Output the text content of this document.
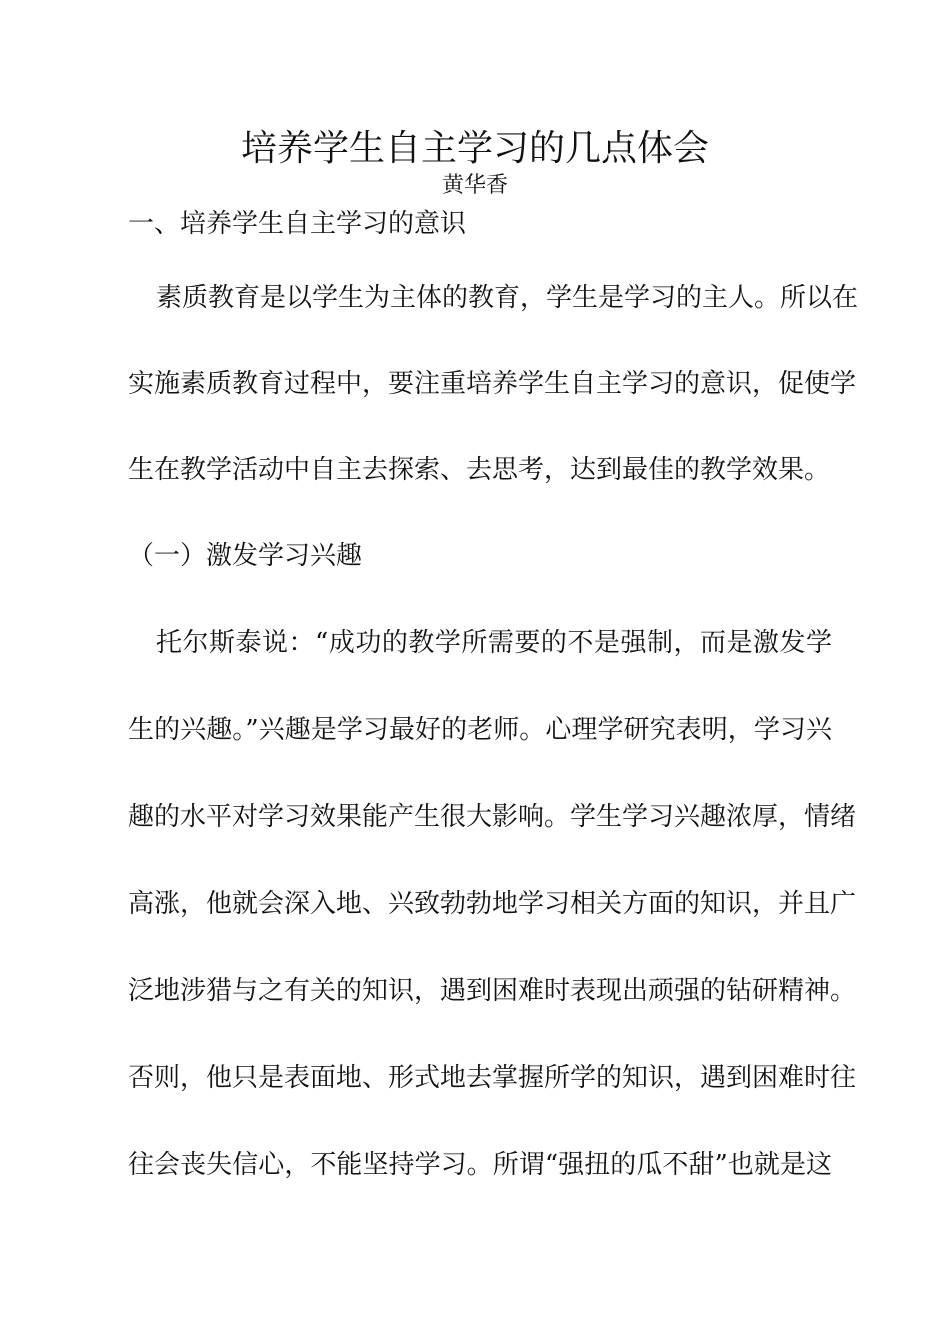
培养学生自主学习的几点体会

黄华香

一、培养学生自主学习的意识

素质教育是以学生为主体的教育，学生是学习的主人。所以在

实施素质教育过程中，要注重培养学生自主学习的意识，促使学

生在教学活动中自主去探索、去思考，达到最佳的教学效果。

（一）激发学习兴趣

托尔斯泰说：“成功的教学所需要的不是强制，而是激发学

生的兴趣。”兴趣是学习最好的老师。心理学研究表明，学习兴

趣的水平对学习效果能产生很大影响。学生学习兴趣浓厚，情绪

高涨，他就会深入地、兴致勃勃地学习相关方面的知识，并且广

泛地涉猎与之有关的知识，遇到困难时表现出顽强的钻研精神。

否则，他只是表面地、形式地去掌握所学的知识，遇到困难时往

往会丧失信心，不能坚持学习。所谓“强扭的瓜不甜”也就是这
